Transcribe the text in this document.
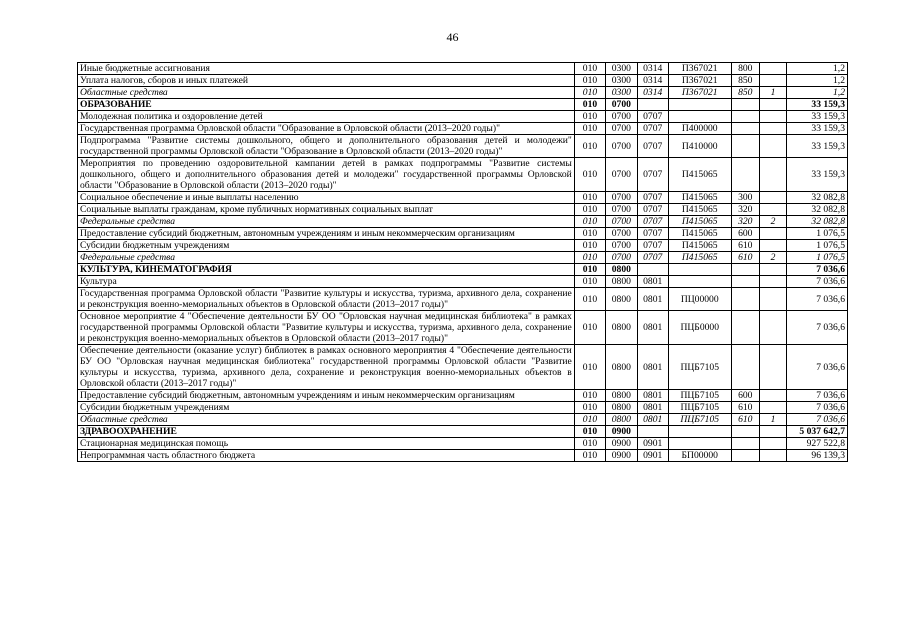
46
Иные бюджетные ассигнования	010	0300	0314	П367021	800		1,2
Уплата налогов, сборов и иных платежей	010	0300	0314	П367021	850		1,2
Областные средства	010	0300	0314	П367021	850	1	1,2
ОБРАЗОВАНИЕ	010	0700					33 159,3
Молодежная политика и оздоровление детей	010	0700	0707				33 159,3
Государственная программа Орловской области "Образование в Орловской области (2013–2020 годы)"	010	0700	0707	П400000			33 159,3
Подпрограмма "Развитие системы дошкольного, общего и дополнительного образования детей и молодежи" государственной программы Орловской области "Образование в Орловской области (2013–2020 годы)"	010	0700	0707	П410000			33 159,3
Мероприятия по проведению оздоровительной кампании детей в рамках подпрограммы "Развитие системы дошкольного, общего и дополнительного образования детей и молодежи" государственной программы Орловской области "Образование в Орловской области (2013–2020 годы)"	010	0700	0707	П415065			33 159,3
Социальное обеспечение и иные выплаты населению	010	0700	0707	П415065	300		32 082,8
Социальные выплаты гражданам, кроме публичных нормативных социальных выплат	010	0700	0707	П415065	320		32 082,8
Федеральные средства	010	0700	0707	П415065	320	2	32 082,8
Предоставление субсидий бюджетным, автономным учреждениям и иным некоммерческим организациям	010	0700	0707	П415065	600		1 076,5
Субсидии бюджетным учреждениям	010	0700	0707	П415065	610		1 076,5
Федеральные средства	010	0700	0707	П415065	610	2	1 076,5
КУЛЬТУРА, КИНЕМАТОГРАФИЯ	010	0800					7 036,6
Культура	010	0800	0801				7 036,6
Государственная программа Орловской области "Развитие культуры и искусства, туризма, архивного дела, сохранение и реконструкция военно-мемориальных объектов в Орловской области (2013–2017 годы)"	010	0800	0801	ПЦ00000			7 036,6
Основное мероприятие 4 "Обеспечение деятельности БУ ОО "Орловская научная медицинская библиотека" в рамках государственной программы Орловской области "Развитие культуры и искусства, туризма, архивного дела, сохранение и реконструкция военно-мемориальных объектов в Орловской области (2013–2017 годы)"	010	0800	0801	ПЦБ0000			7 036,6
Обеспечение деятельности (оказание услуг) библиотек в рамках основного мероприятия 4 "Обеспечение деятельности БУ ОО "Орловская научная медицинская библиотека" государственной программы Орловской области "Развитие культуры и искусства, туризма, архивного дела, сохранение и реконструкция военно-мемориальных объектов в Орловской области (2013–2017 годы)"	010	0800	0801	ПЦБ7105			7 036,6
Предоставление субсидий бюджетным, автономным учреждениям и иным некоммерческим организациям	010	0800	0801	ПЦБ7105	600		7 036,6
Субсидии бюджетным учреждениям	010	0800	0801	ПЦБ7105	610		7 036,6
Областные средства	010	0800	0801	ПЦБ7105	610	1	7 036,6
ЗДРАВООХРАНЕНИЕ	010	0900					5 037 642,7
Стационарная медицинская помощь	010	0900	0901				927 522,8
Непрограммная часть областного бюджета	010	0900	0901	БП00000			96 139,3
